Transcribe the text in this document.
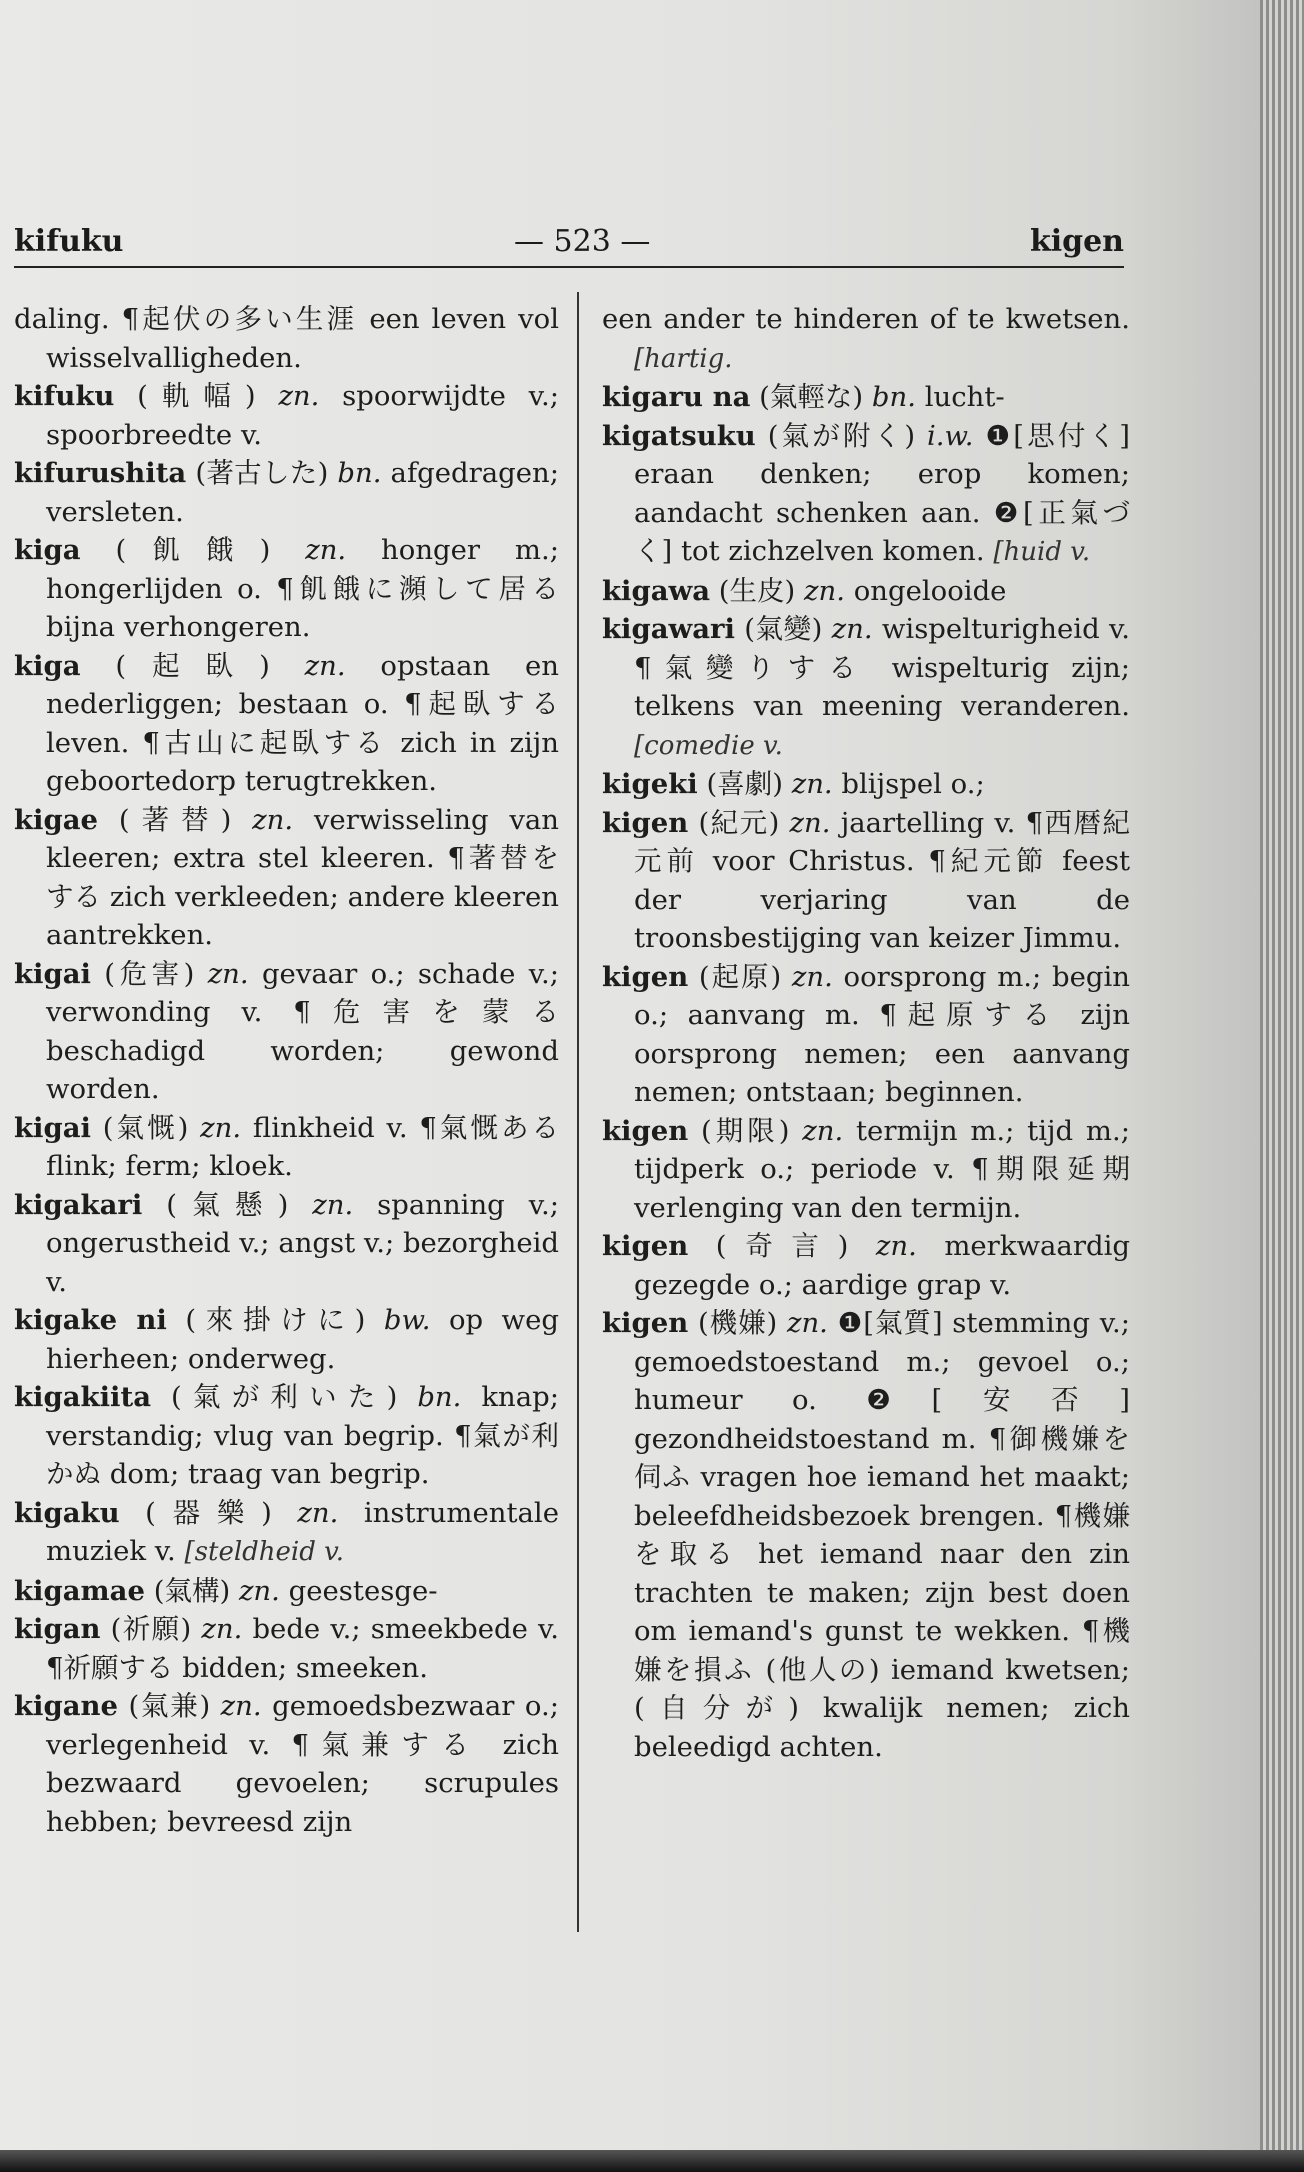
kifuku	— 523 —	kigen
daling. ¶起伏の多い生涯 een leven vol wisselvalligheden.
kifuku (軌幅) zn. spoorwijdte v.; spoorbreedte v.
kifurushita (著古した) bn. afgedragen; versleten.
kiga (飢餓) zn. honger m.; hongerlijden o. ¶飢餓に瀕して居る bijna verhongeren.
kiga (起臥) zn. opstaan en nederliggen; bestaan o. ¶起臥する leven. ¶古山に起臥する zich in zijn geboortedorp terugtrekken.
kigae (著替) zn. verwisseling van kleeren; extra stel kleeren. ¶著替をする zich verkleeden; andere kleeren aantrekken.
kigai (危害) zn. gevaar o.; schade v.; verwonding v. ¶危害を蒙る beschadigd worden; gewond worden.
kigai (氣慨) zn. flinkheid v. ¶氣慨ある flink; ferm; kloek.
kigakari (氣懸) zn. spanning v.; ongerustheid v.; angst v.; bezorgheid v.
kigake ni (來掛けに) bw. op weg hierheen; onderweg.
kigakiita (氣が利いた) bn. knap; verstandig; vlug van begrip. ¶氣が利かぬ dom; traag van begrip.
kigaku (器樂) zn. instrumentale muziek v. [steldheid v.
kigamae (氣構) zn. geestesge-
kigan (祈願) zn. bede v.; smeekbede v. ¶祈願する bidden; smeeken.
kigane (氣兼) zn. gemoedsbezwaar o.; verlegenheid v. ¶氣兼する zich bezwaard gevoelen; scrupules hebben; bevreesd zijn
een ander te hinderen of te kwetsen. [hartig.
kigaru na (氣輕な) bn. lucht-
kigatsuku (氣が附く) i.w. ❶[思付く] eraan denken; erop komen; aandacht schenken aan. ❷[正氣づく] tot zichzelven komen. [huid v.
kigawa (生皮) zn. ongelooide
kigawari (氣變) zn. wispelturigheid v. ¶氣變りする wispelturig zijn; telkens van meening veranderen. [comedie v.
kigeki (喜劇) zn. blijspel o.;
kigen (紀元) zn. jaartelling v. ¶西暦紀元前 voor Christus. ¶紀元節 feest der verjaring van de troonsbestijging van keizer Jimmu.
kigen (起原) zn. oorsprong m.; begin o.; aanvang m. ¶起原する zijn oorsprong nemen; een aanvang nemen; ontstaan; beginnen.
kigen (期限) zn. termijn m.; tijd m.; tijdperk o.; periode v. ¶期限延期 verlenging van den termijn.
kigen (奇言) zn. merkwaardig gezegde o.; aardige grap v.
kigen (機嫌) zn. ❶[氣質] stemming v.; gemoedstoestand m.; gevoel o.; humeur o. ❷[安否] gezondheidstoestand m. ¶御機嫌を伺ふ vragen hoe iemand het maakt; beleefdheidsbezoek brengen. ¶機嫌を取る het iemand naar den zin trachten te maken; zijn best doen om iemand's gunst te wekken. ¶機嫌を損ふ (他人の) iemand kwetsen; (自分が) kwalijk nemen; zich beleedigd achten.
